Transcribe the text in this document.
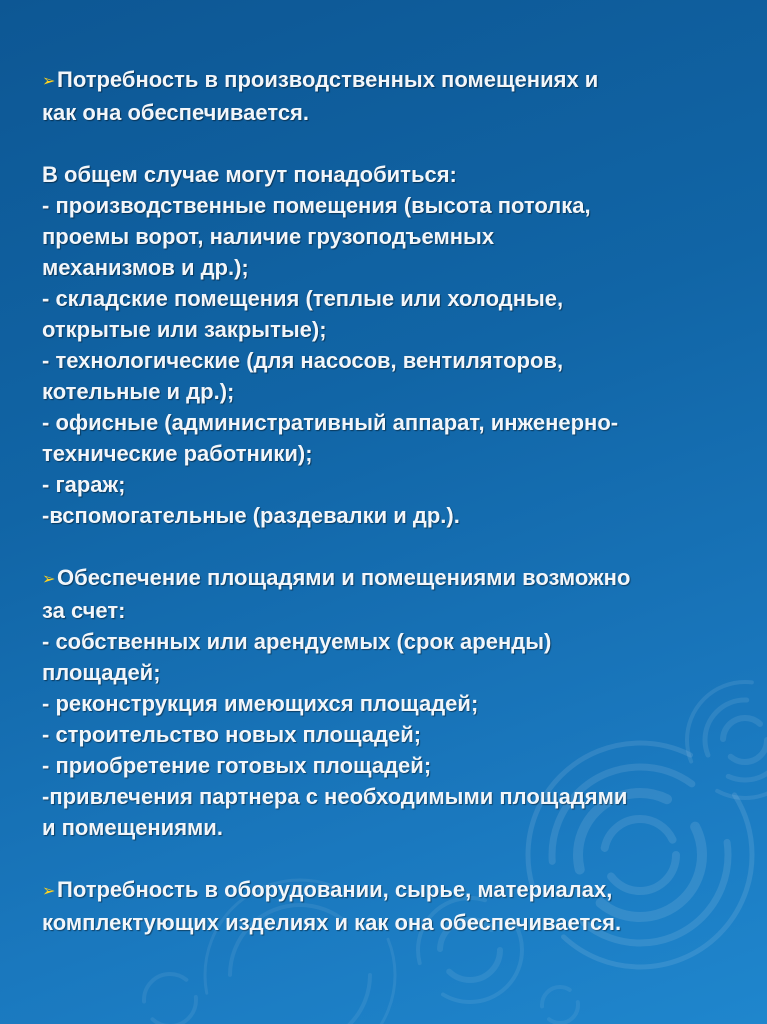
➢Потребность в производственных помещениях и
как она обеспечивается.
В общем случае могут понадобиться:
- производственные помещения (высота потолка,
проемы ворот, наличие грузоподъемных
механизмов и др.);
- складские помещения (теплые или холодные,
открытые или закрытые);
- технологические (для насосов, вентиляторов,
котельные и др.);
- офисные (административный аппарат, инженерно-
технические работники);
- гараж;
-вспомогательные (раздевалки и др.).
➢Обеспечение площадями и помещениями возможно
за счет:
- собственных или арендуемых (срок аренды)
площадей;
- реконструкция имеющихся площадей;
- строительство новых площадей;
- приобретение готовых площадей;
-привлечения партнера с необходимыми площадями
и помещениями.
➢Потребность в оборудовании, сырье, материалах,
комплектующих изделиях и как она обеспечивается.
